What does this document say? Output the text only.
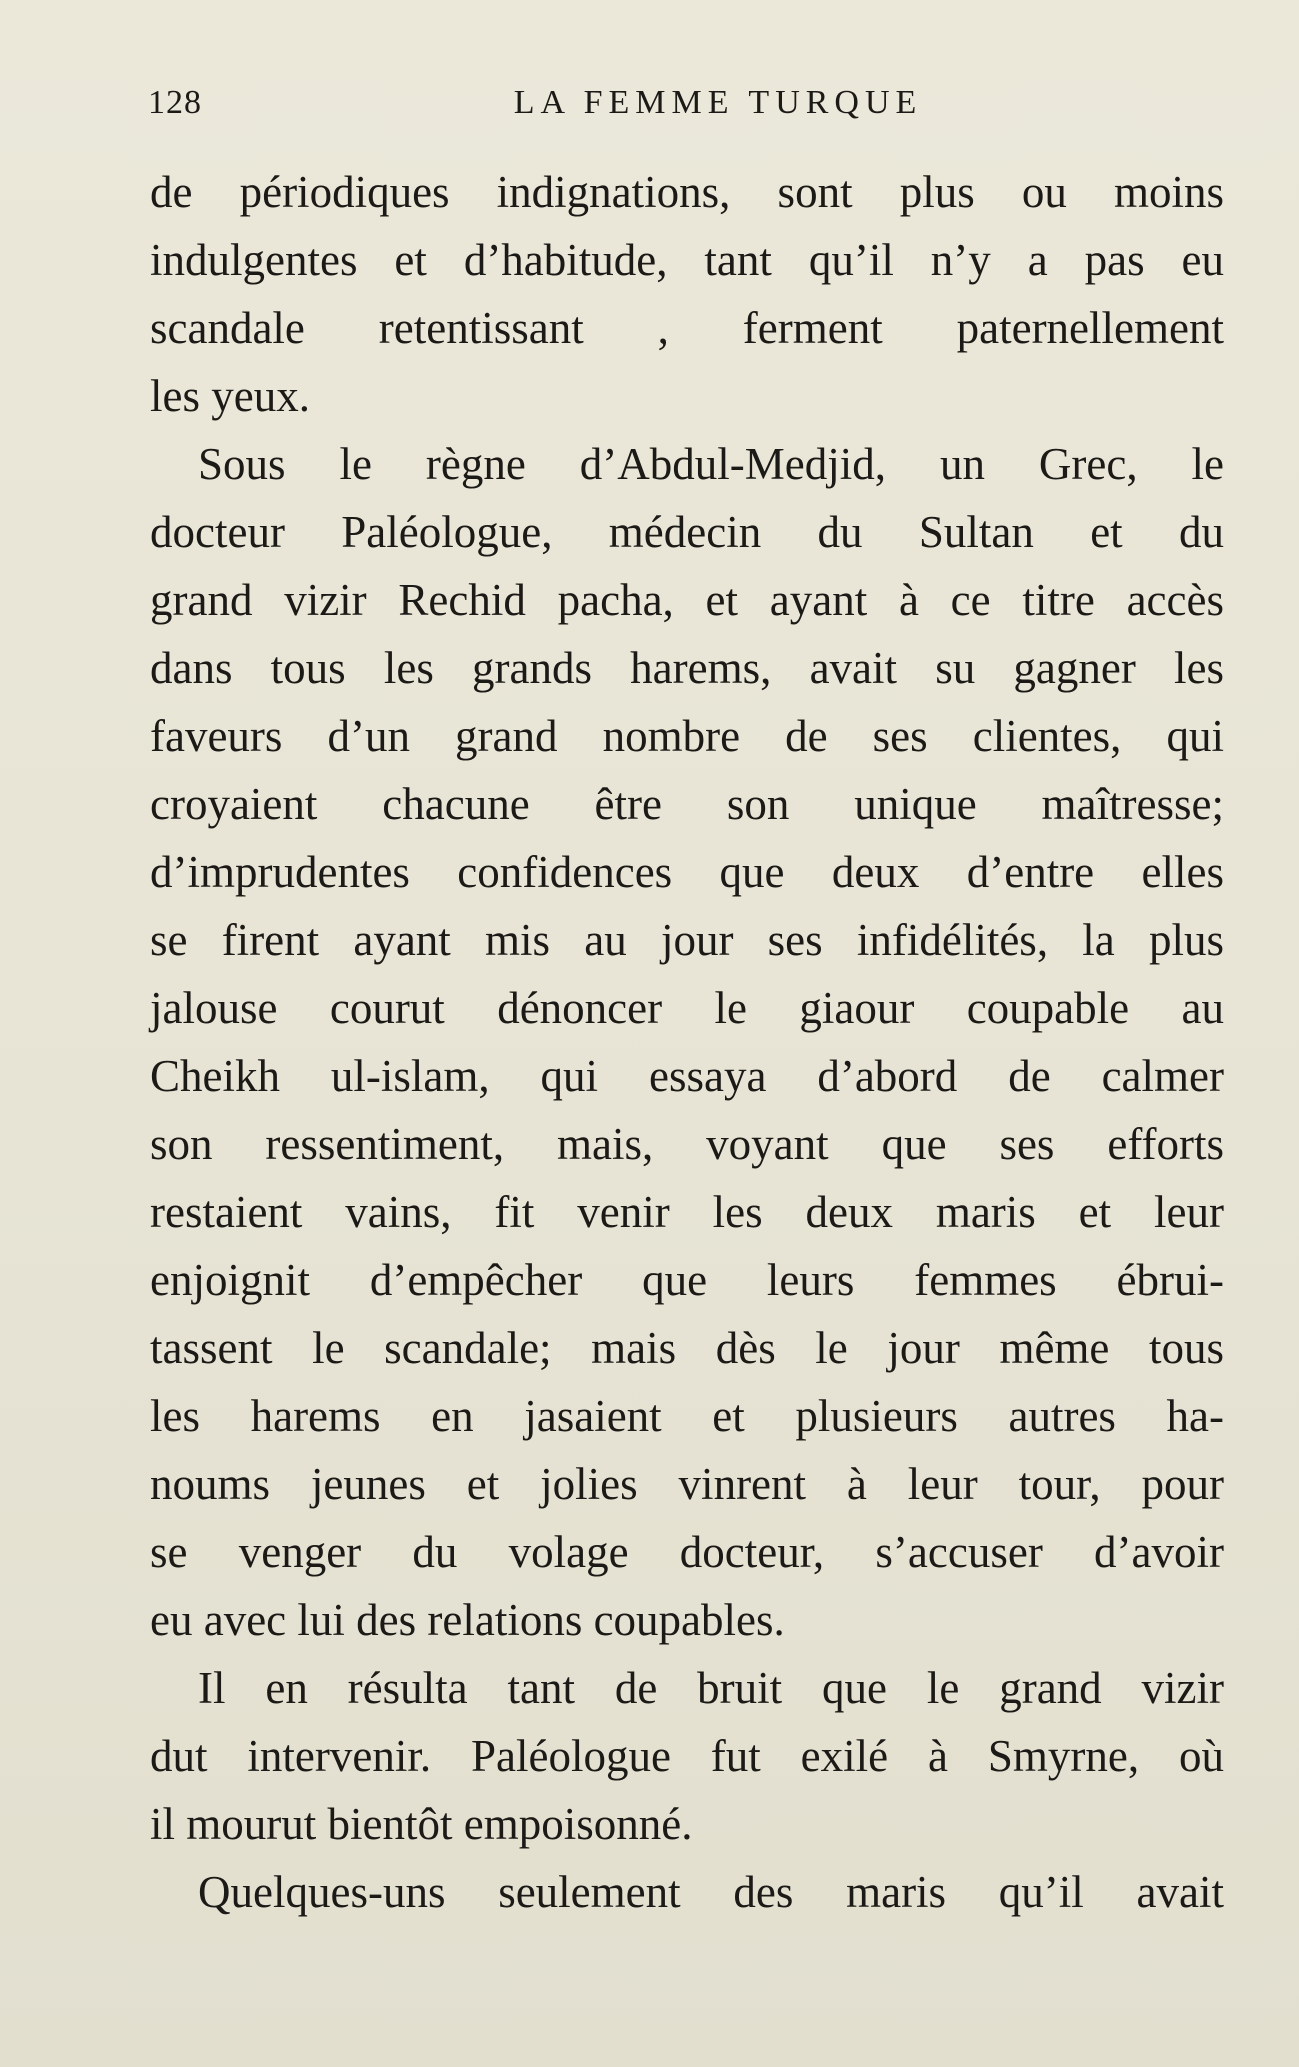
128	LA FEMME TURQUE
de périodiques indignations, sont plus ou moins
indulgentes et d’habitude, tant qu’il n’y a pas eu
scandale retentissant , ferment paternellement
les yeux.
Sous le règne d’Abdul-Medjid, un Grec, le
docteur Paléologue, médecin du Sultan et du
grand vizir Rechid pacha, et ayant à ce titre accès
dans tous les grands harems, avait su gagner les
faveurs d’un grand nombre de ses clientes, qui
croyaient chacune être son unique maîtresse;
d’imprudentes confidences que deux d’entre elles
se firent ayant mis au jour ses infidélités, la plus
jalouse courut dénoncer le giaour coupable au
Cheikh ul-islam, qui essaya d’abord de calmer
son ressentiment, mais, voyant que ses efforts
restaient vains, fit venir les deux maris et leur
enjoignit d’empêcher que leurs femmes ébrui-
tassent le scandale; mais dès le jour même tous
les harems en jasaient et plusieurs autres ha-
noums jeunes et jolies vinrent à leur tour, pour
se venger du volage docteur, s’accuser d’avoir
eu avec lui des relations coupables.
Il en résulta tant de bruit que le grand vizir
dut intervenir. Paléologue fut exilé à Smyrne, où
il mourut bientôt empoisonné.
Quelques-uns seulement des maris qu’il avait
